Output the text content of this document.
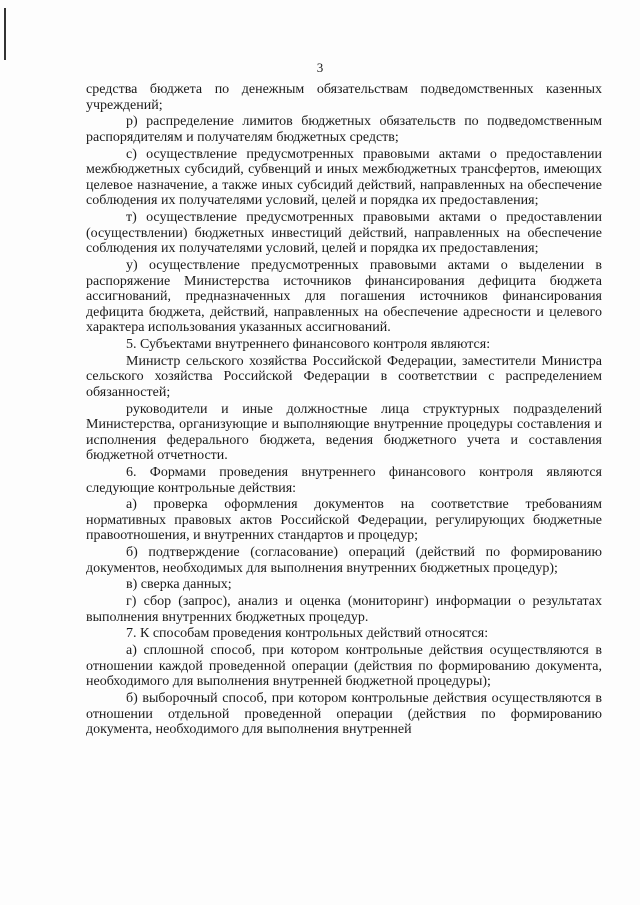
3

средства бюджета по денежным обязательствам подведомственных казенных учреждений;

р) распределение лимитов бюджетных обязательств по подведомственным распорядителям и получателям бюджетных средств;

с) осуществление предусмотренных правовыми актами о предоставлении межбюджетных субсидий, субвенций и иных межбюджетных трансфертов, имеющих целевое назначение, а также иных субсидий действий, направленных на обеспечение соблюдения их получателями условий, целей и порядка их предоставления;

т) осуществление предусмотренных правовыми актами о предоставлении (осуществлении) бюджетных инвестиций действий, направленных на обеспечение соблюдения их получателями условий, целей и порядка их предоставления;

у) осуществление предусмотренных правовыми актами о выделении в распоряжение Министерства источников финансирования дефицита бюджета ассигнований, предназначенных для погашения источников финансирования дефицита бюджета, действий, направленных на обеспечение адресности и целевого характера использования указанных ассигнований.

5. Субъектами внутреннего финансового контроля являются:

Министр сельского хозяйства Российской Федерации, заместители Министра сельского хозяйства Российской Федерации в соответствии с распределением обязанностей;

руководители и иные должностные лица структурных подразделений Министерства, организующие и выполняющие внутренние процедуры составления и исполнения федерального бюджета, ведения бюджетного учета и составления бюджетной отчетности.

6. Формами проведения внутреннего финансового контроля являются следующие контрольные действия:

а) проверка оформления документов на соответствие требованиям нормативных правовых актов Российской Федерации, регулирующих бюджетные правоотношения, и внутренних стандартов и процедур;

б) подтверждение (согласование) операций (действий по формированию документов, необходимых для выполнения внутренних бюджетных процедур);

в) сверка данных;

г) сбор (запрос), анализ и оценка (мониторинг) информации о результатах выполнения внутренних бюджетных процедур.

7. К способам проведения контрольных действий относятся:

а) сплошной способ, при котором контрольные действия осуществляются в отношении каждой проведенной операции (действия по формированию документа, необходимого для выполнения внутренней бюджетной процедуры);

б) выборочный способ, при котором контрольные действия осуществляются в отношении отдельной проведенной операции (действия по формированию документа, необходимого для выполнения внутренней
